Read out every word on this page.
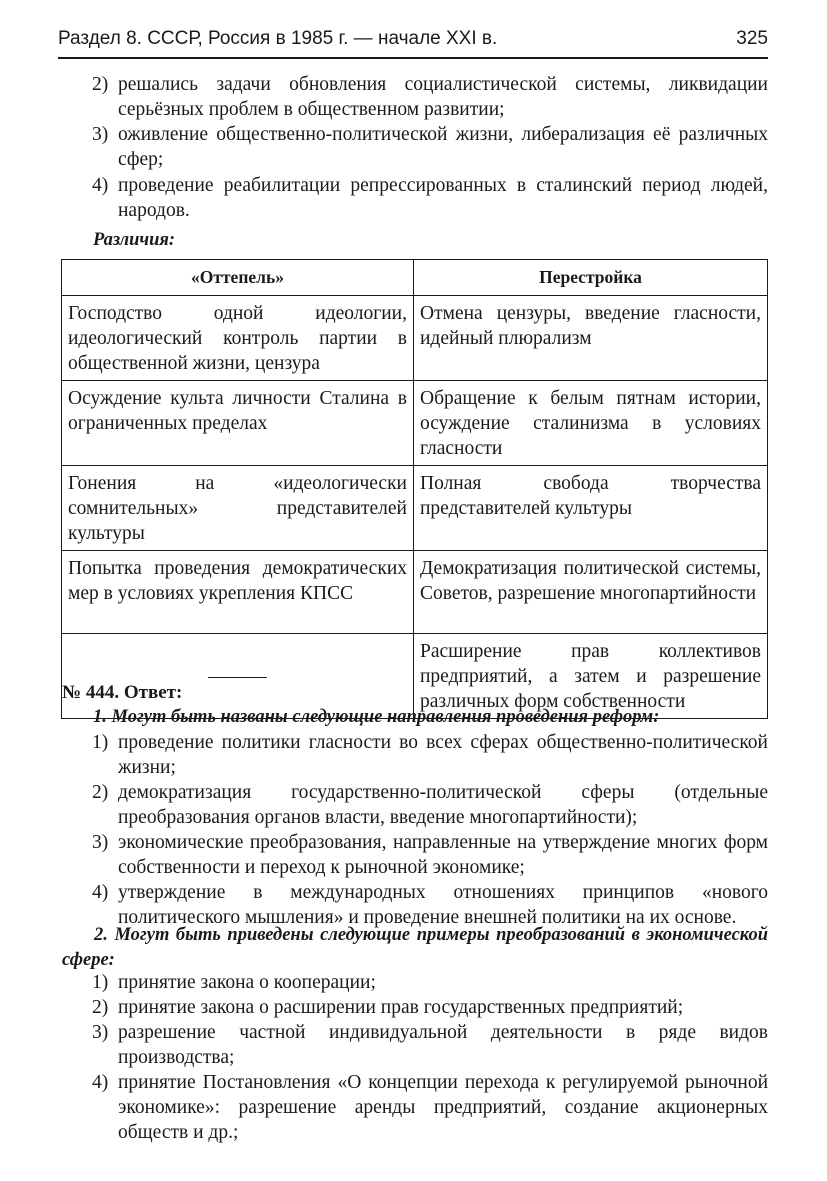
Раздел 8. СССР, Россия в 1985 г. — начале XXI в.	325
2) решались задачи обновления социалистической системы, ликвидации серьёзных проблем в общественном развитии;
3) оживление общественно-политической жизни, либерализация её различных сфер;
4) проведение реабилитации репрессированных в сталинский период людей, народов.
Различия:
«Оттепель»	Перестройка
Господство одной идеологии, идеологический контроль партии в общественной жизни, цензура	Отмена цензуры, введение гласности, идейный плюрализм
Осуждение культа личности Сталина в ограниченных пределах	Обращение к белым пятнам истории, осуждение сталинизма в условиях гласности
Гонения на «идеологически сомнительных» представителей культуры	Полная свобода творчества представителей культуры
Попытка проведения демократических мер в условиях укрепления КПСС	Демократизация политической системы, Советов, разрешение многопартийности
———	Расширение прав коллективов предприятий, а затем и разрешение различных форм собственности
№ 444. Ответ:
1. Могут быть названы следующие направления проведения реформ:
1) проведение политики гласности во всех сферах общественно-политической жизни;
2) демократизация государственно-политической сферы (отдельные преобразования органов власти, введение многопартийности);
3) экономические преобразования, направленные на утверждение многих форм собственности и переход к рыночной экономике;
4) утверждение в международных отношениях принципов «нового политического мышления» и проведение внешней политики на их основе.
2. Могут быть приведены следующие примеры преобразований в экономической сфере:
1) принятие закона о кооперации;
2) принятие закона о расширении прав государственных предприятий;
3) разрешение частной индивидуальной деятельности в ряде видов производства;
4) принятие Постановления «О концепции перехода к регулируемой рыночной экономике»: разрешение аренды предприятий, создание акционерных обществ и др.;
